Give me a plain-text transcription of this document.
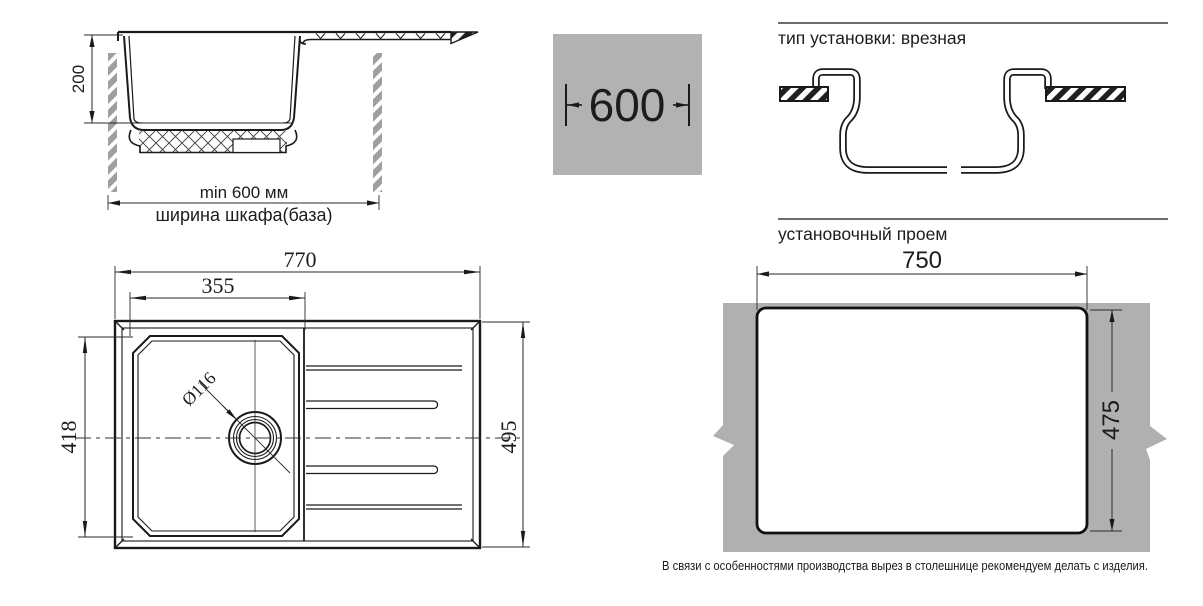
200
min 600 мм
ширина шкафа(база)
600
тип установки: врезная
установочный проем
Ø116
770
355
418	495
750
475
В связи с особенностями производства вырез в столешнице рекомендуем делать с изделия.
